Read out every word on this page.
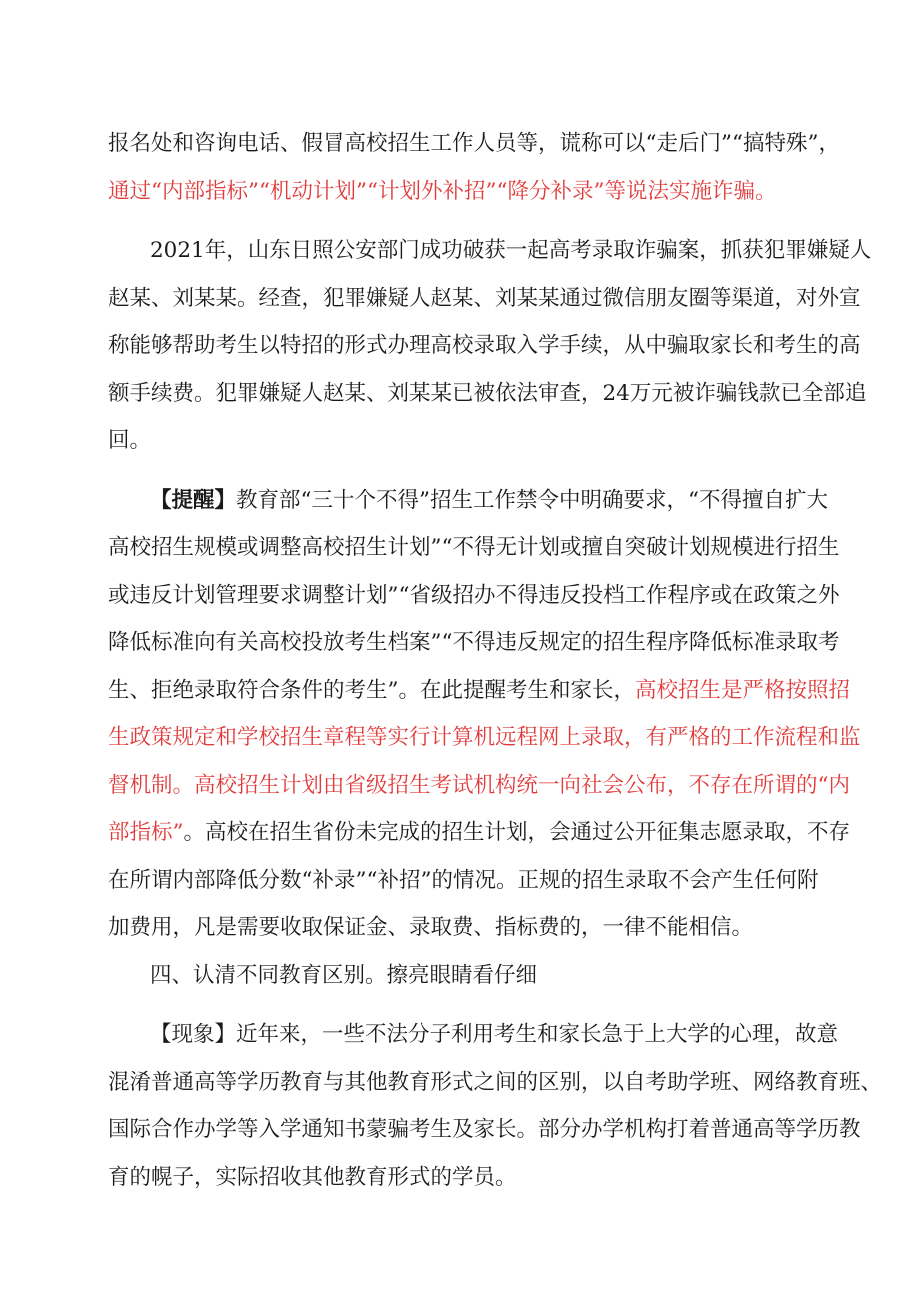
报名处和咨询电话、假冒高校招生工作人员等，谎称可以“走后门”“搞特殊”，
通过“内部指标”“机动计划”“计划外补招”“降分补录”等说法实施诈骗。
2021年，山东日照公安部门成功破获一起高考录取诈骗案，抓获犯罪嫌疑人
赵某、刘某某。经查，犯罪嫌疑人赵某、刘某某通过微信朋友圈等渠道，对外宣
称能够帮助考生以特招的形式办理高校录取入学手续，从中骗取家长和考生的高
额手续费。犯罪嫌疑人赵某、刘某某已被依法审查，24万元被诈骗钱款已全部追
回。
【提醒】教育部“三十个不得”招生工作禁令中明确要求，“不得擅自扩大
高校招生规模或调整高校招生计划”“不得无计划或擅自突破计划规模进行招生
或违反计划管理要求调整计划”“省级招办不得违反投档工作程序或在政策之外
降低标准向有关高校投放考生档案”“不得违反规定的招生程序降低标准录取考
生、拒绝录取符合条件的考生”。在此提醒考生和家长，高校招生是严格按照招
生政策规定和学校招生章程等实行计算机远程网上录取，有严格的工作流程和监
督机制。高校招生计划由省级招生考试机构统一向社会公布，不存在所谓的“内
部指标”。高校在招生省份未完成的招生计划，会通过公开征集志愿录取，不存
在所谓内部降低分数“补录”“补招”的情况。正规的招生录取不会产生任何附
加费用，凡是需要收取保证金、录取费、指标费的，一律不能相信。
四、认清不同教育区别。擦亮眼睛看仔细
【现象】近年来，一些不法分子利用考生和家长急于上大学的心理，故意
混淆普通高等学历教育与其他教育形式之间的区别，以自考助学班、网络教育班、
国际合作办学等入学通知书蒙骗考生及家长。部分办学机构打着普通高等学历教
育的幌子，实际招收其他教育形式的学员。
